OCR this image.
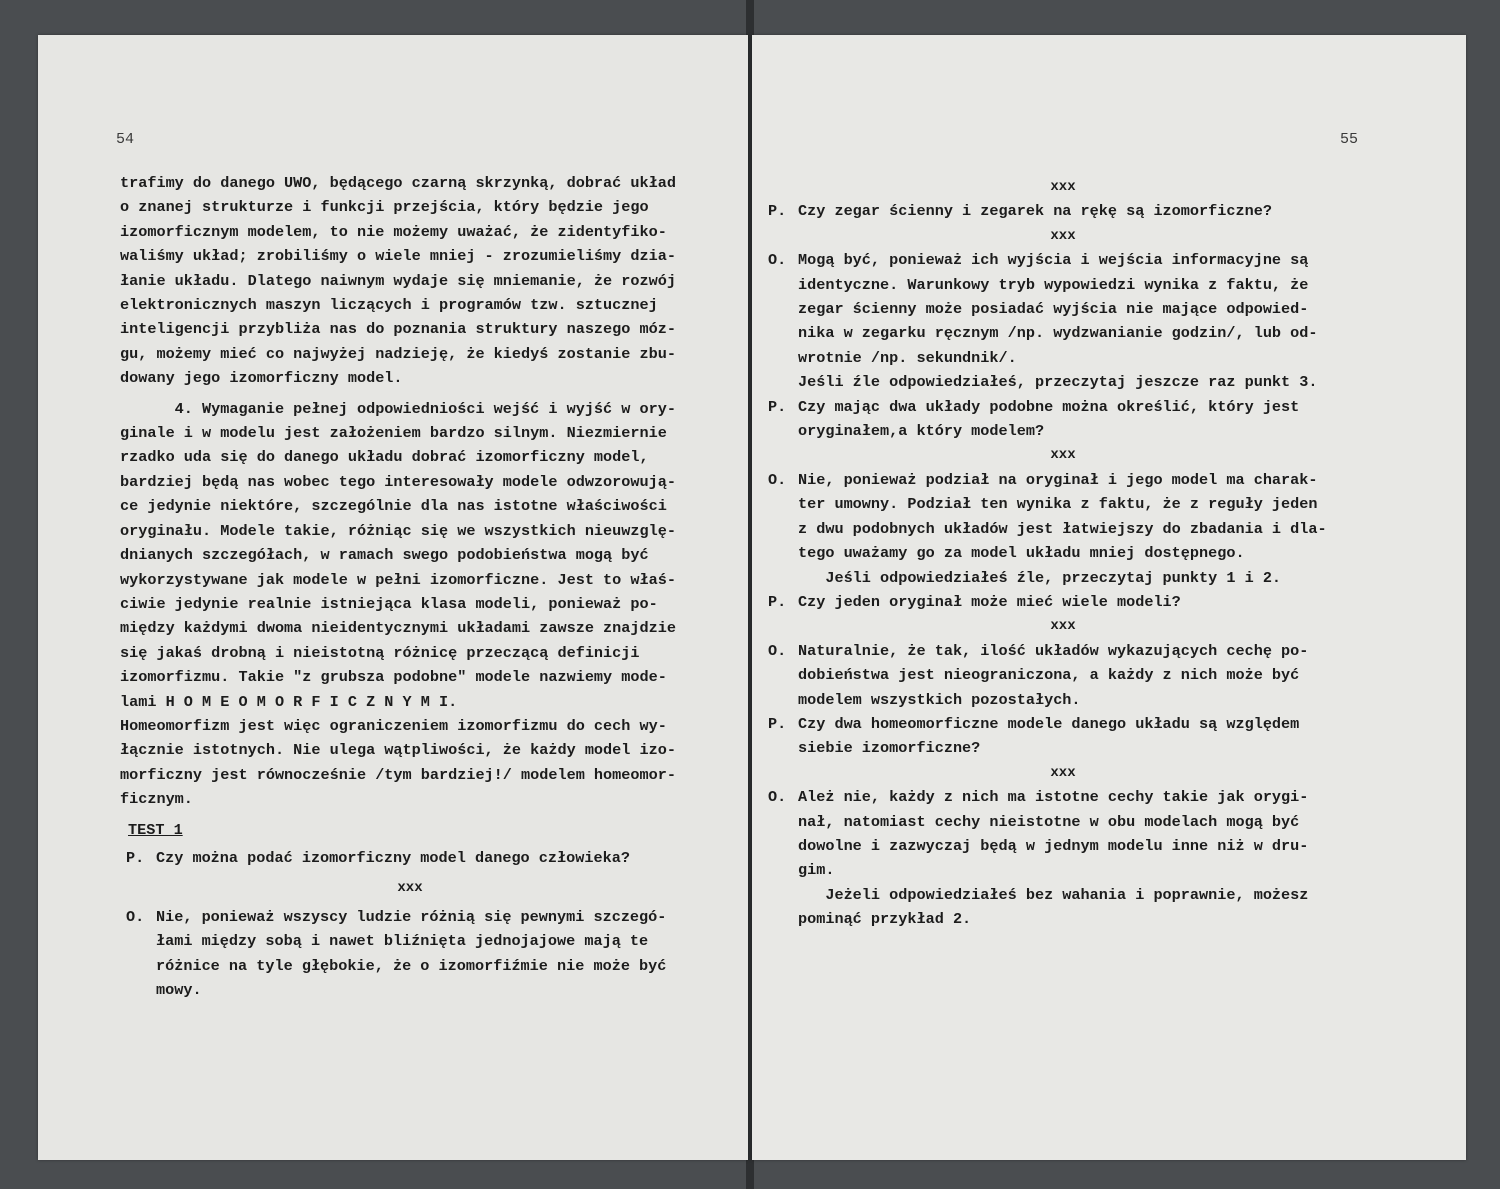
54
trafimy do danego UWO, będącego czarną skrzynką, dobrać układ
o znanej strukturze i funkcji przejścia, który będzie jego
izomorficznym modelem, to nie możemy uważać, że zidentyfiko-
waliśmy układ; zrobiliśmy o wiele mniej - zrozumieliśmy dzia-
łanie układu. Dlatego naiwnym wydaje się mniemanie, że rozwój
elektronicznych maszyn liczących i programów tzw. sztucznej
inteligencji przybliża nas do poznania struktury naszego móz-
gu, możemy mieć co najwyżej nadzieję, że kiedyś zostanie zbu-
dowany jego izomorficzny model.
4. Wymaganie pełnej odpowiedniości wejść i wyjść w ory-
ginale i w modelu jest założeniem bardzo silnym. Niezmiernie
rzadko uda się do danego układu dobrać izomorficzny model,
bardziej będą nas wobec tego interesowały modele odwzorowują-
ce jedynie niektóre, szczególnie dla nas istotne właściwości
oryginału. Modele takie, różniąc się we wszystkich nieuwzglę-
dnianych szczegółach, w ramach swego podobieństwa mogą być
wykorzystywane jak modele w pełni izomorficzne. Jest to właś-
ciwie jedynie realnie istniejąca klasa modeli, ponieważ po-
między każdymi dwoma nieidentycznymi układami zawsze znajdzie
się jakaś drobną i nieistotną różnicę przeczącą definicji
izomorfizmu. Takie "z grubsza podobne" modele nazwiemy mode-
lami H O M E O M O R F I C Z N Y M I.
Homeomorfizm jest więc ograniczeniem izomorfizmu do cech wy-
łącznie istotnych. Nie ulega wątpliwości, że każdy model izo-
morficzny jest równocześnie /tym bardziej!/ modelem homeomor-
ficznym.
TEST 1
P. Czy można podać izomorficzny model danego człowieka?
xxx
O. Nie, ponieważ wszyscy ludzie różnią się pewnymi szczegó-
łami między sobą i nawet bliźnięta jednojajowe mają te
różnice na tyle głębokie, że o izomorfiźmie nie może być
mowy.
55
xxx
P. Czy zegar ścienny i zegarek na rękę są izomorficzne?
xxx
O. Mogą być, ponieważ ich wyjścia i wejścia informacyjne są
identyczne. Warunkowy tryb wypowiedzi wynika z faktu, że
zegar ścienny może posiadać wyjścia nie mające odpowied-
nika w zegarku ręcznym /np. wydzwanianie godzin/, lub od-
wrotnie /np. sekundnik/.
Jeśli źle odpowiedziałeś, przeczytaj jeszcze raz punkt 3.
P. Czy mając dwa układy podobne można określić, który jest
oryginałem,a który modelem?
xxx
O. Nie, ponieważ podział na oryginał i jego model ma charak-
ter umowny. Podział ten wynika z faktu, że z reguły jeden
z dwu podobnych układów jest łatwiejszy do zbadania i dla-
tego uważamy go za model układu mniej dostępnego.
Jeśli odpowiedziałeś źle, przeczytaj punkty 1 i 2.
P. Czy jeden oryginał może mieć wiele modeli?
xxx
O. Naturalnie, że tak, ilość układów wykazujących cechę po-
dobieństwa jest nieograniczona, a każdy z nich może być
modelem wszystkich pozostałych.
P. Czy dwa homeomorficzne modele danego układu są względem
siebie izomorficzne?
xxx
O. Ależ nie, każdy z nich ma istotne cechy takie jak orygi-
nał, natomiast cechy nieistotne w obu modelach mogą być
dowolne i zazwyczaj będą w jednym modelu inne niż w dru-
gim.
Jeżeli odpowiedziałeś bez wahania i poprawnie, możesz
pominąć przykład 2.
